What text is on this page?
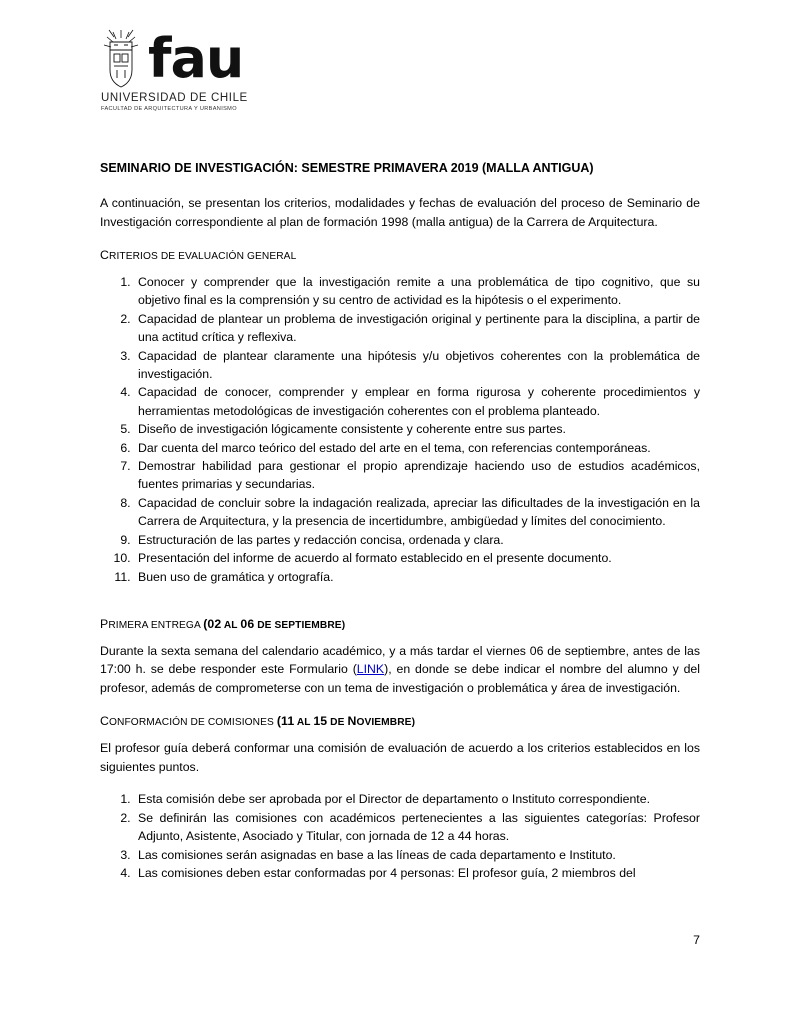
fau
UNIVERSIDAD DE CHILE
FACULTAD DE ARQUITECTURA Y URBANISMO
SEMINARIO DE INVESTIGACIÓN: SEMESTRE PRIMAVERA 2019 (MALLA ANTIGUA)

A continuación, se presentan los criterios, modalidades y fechas de evaluación del proceso de Seminario de Investigación correspondiente al plan de formación 1998 (malla antigua) de la Carrera de Arquitectura.

CRITERIOS DE EVALUACIÓN GENERAL
1. Conocer y comprender que la investigación remite a una problemática de tipo cognitivo, que su objetivo final es la comprensión y su centro de actividad es la hipótesis o el experimento.
2. Capacidad de plantear un problema de investigación original y pertinente para la disciplina, a partir de una actitud crítica y reflexiva.
3. Capacidad de plantear claramente una hipótesis y/u objetivos coherentes con la problemática de investigación.
4. Capacidad de conocer, comprender y emplear en forma rigurosa y coherente procedimientos y herramientas metodológicas de investigación coherentes con el problema planteado.
5. Diseño de investigación lógicamente consistente y coherente entre sus partes.
6. Dar cuenta del marco teórico del estado del arte en el tema, con referencias contemporáneas.
7. Demostrar habilidad para gestionar el propio aprendizaje haciendo uso de estudios académicos, fuentes primarias y secundarias.
8. Capacidad de concluir sobre la indagación realizada, apreciar las dificultades de la investigación en la Carrera de Arquitectura, y la presencia de incertidumbre, ambigüedad y límites del conocimiento.
9. Estructuración de las partes y redacción concisa, ordenada y clara.
10. Presentación del informe de acuerdo al formato establecido en el presente documento.
11. Buen uso de gramática y ortografía.
PRIMERA ENTREGA (02 AL 06 DE SEPTIEMBRE)

Durante la sexta semana del calendario académico, y a más tardar el viernes 06 de septiembre, antes de las 17:00 h. se debe responder este Formulario (LINK), en donde se debe indicar el nombre del alumno y del profesor, además de comprometerse con un tema de investigación o problemática y área de investigación.

CONFORMACIÓN DE COMISIONES (11 AL 15 DE NOVIEMBRE)

El profesor guía deberá conformar una comisión de evaluación de acuerdo a los criterios establecidos en los siguientes puntos.

1. Esta comisión debe ser aprobada por el Director de departamento o Instituto correspondiente.
2. Se definirán las comisiones con académicos pertenecientes a las siguientes categorías: Profesor Adjunto, Asistente, Asociado y Titular, con jornada de 12 a 44 horas.
3. Las comisiones serán asignadas en base a las líneas de cada departamento e Instituto.
4. Las comisiones deben estar conformadas por 4 personas: El profesor guía, 2 miembros del
7
